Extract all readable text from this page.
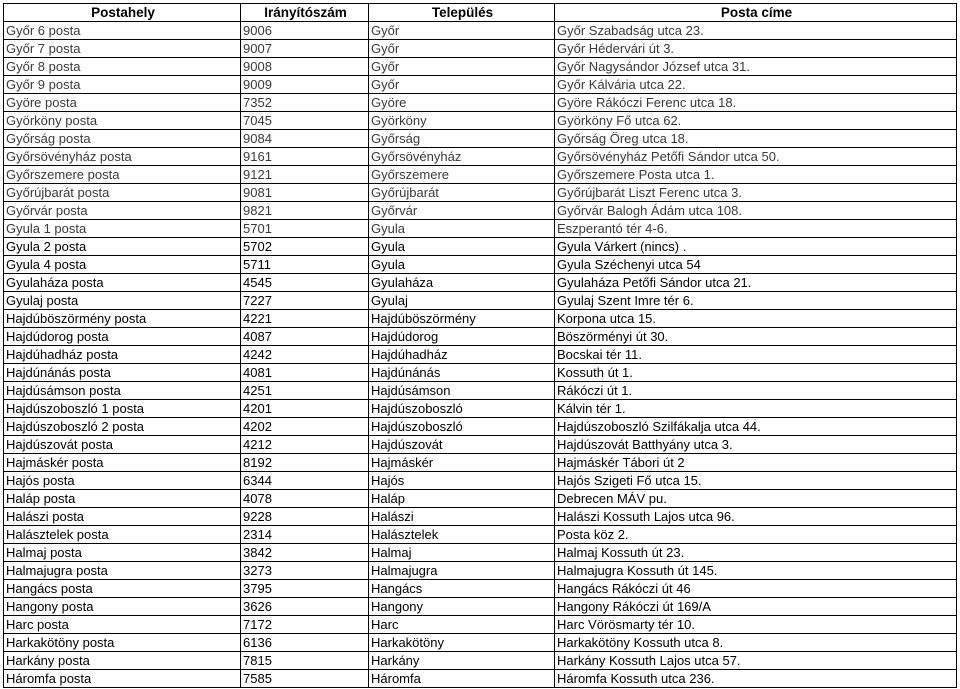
Postahely	Irányítószám	Település	Posta címe
Győr 6 posta	9006	Győr	Győr Szabadság utca 23.
Győr 7 posta	9007	Győr	Győr Hédervári út 3.
Győr 8 posta	9008	Győr	Győr Nagysándor József utca 31.
Győr 9 posta	9009	Győr	Győr Kálvária utca 22.
Györe posta	7352	Györe	Györe Rákóczi Ferenc utca 18.
Györköny posta	7045	Györköny	Györköny Fő utca 62.
Győrság posta	9084	Győrság	Győrság Öreg utca 18.
Győrsövényház posta	9161	Győrsövényház	Győrsövényház Petőfi Sándor utca 50.
Győrszemere posta	9121	Győrszemere	Győrszemere Posta utca 1.
Győrújbarát posta	9081	Győrújbarát	Győrújbarát Liszt Ferenc utca 3.
Győrvár posta	9821	Győrvár	Győrvár Balogh Ádám utca 108.
Gyula 1 posta	5701	Gyula	Eszperantó tér 4-6.
Gyula 2 posta	5702	Gyula	Gyula Várkert (nincs) .
Gyula 4 posta	5711	Gyula	Gyula Széchenyi utca 54
Gyulaháza posta	4545	Gyulaháza	Gyulaháza Petőfi Sándor utca 21.
Gyulaj posta	7227	Gyulaj	Gyulaj Szent Imre tér 6.
Hajdúböszörmény posta	4221	Hajdúböszörmény	Korpona utca 15.
Hajdúdorog posta	4087	Hajdúdorog	Böszörményi út 30.
Hajdúhadház posta	4242	Hajdúhadház	Bocskai tér 11.
Hajdúnánás posta	4081	Hajdúnánás	Kossuth út 1.
Hajdúsámson posta	4251	Hajdúsámson	Rákóczi út 1.
Hajdúszoboszló 1 posta	4201	Hajdúszoboszló	Kálvin tér 1.
Hajdúszoboszló 2 posta	4202	Hajdúszoboszló	Hajdúszoboszló Szilfákalja utca 44.
Hajdúszovát posta	4212	Hajdúszovát	Hajdúszovát Batthyány utca 3.
Hajmáskér posta	8192	Hajmáskér	Hajmáskér Tábori út 2
Hajós posta	6344	Hajós	Hajós Szigeti Fő utca 15.
Haláp posta	4078	Haláp	Debrecen MÁV pu.
Halászi posta	9228	Halászi	Halászi Kossuth Lajos utca 96.
Halásztelek posta	2314	Halásztelek	Posta köz 2.
Halmaj posta	3842	Halmaj	Halmaj Kossuth út 23.
Halmajugra posta	3273	Halmajugra	Halmajugra Kossuth út 145.
Hangács posta	3795	Hangács	Hangács Rákóczi út 46
Hangony posta	3626	Hangony	Hangony Rákóczi út 169/A
Harc posta	7172	Harc	Harc Vörösmarty tér 10.
Harkakötöny posta	6136	Harkakötöny	Harkakötöny Kossuth utca 8.
Harkány posta	7815	Harkány	Harkány Kossuth Lajos utca 57.
Háromfa posta	7585	Háromfa	Háromfa Kossuth utca 236.
